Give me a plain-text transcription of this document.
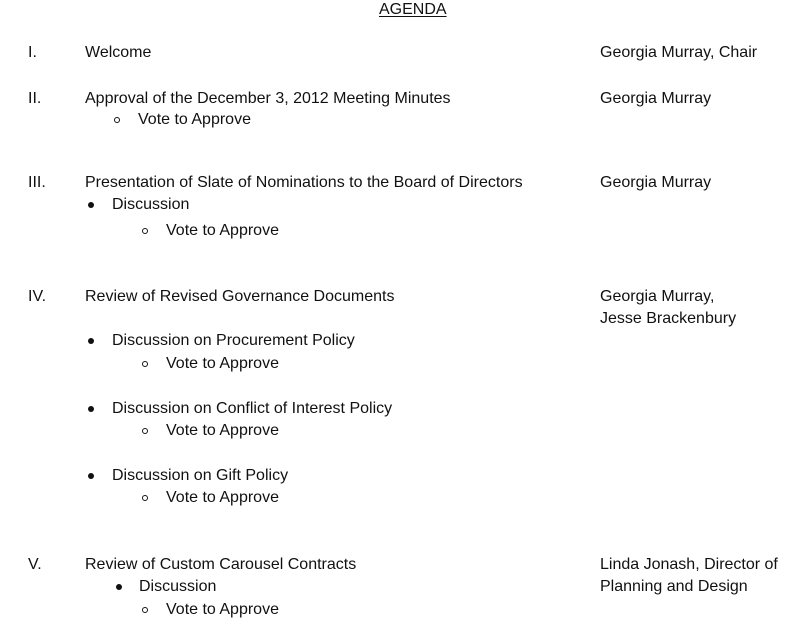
AGENDA
I.	Welcome	Georgia Murray, Chair
II.	Approval of the December 3, 2012 Meeting Minutes	Georgia Murray
Vote to Approve
III. Presentation of Slate of Nominations to the Board of Directors	Georgia Murray
Discussion
Vote to Approve
IV. Review of Revised Governance Documents	Georgia Murray,
Jesse Brackenbury
Discussion on Procurement Policy
Vote to Approve
Discussion on Conflict of Interest Policy
Vote to Approve
Discussion on Gift Policy
Vote to Approve
V.	Review of Custom Carousel Contracts	Linda Jonash, Director of
Planning and Design
Discussion
Vote to Approve
